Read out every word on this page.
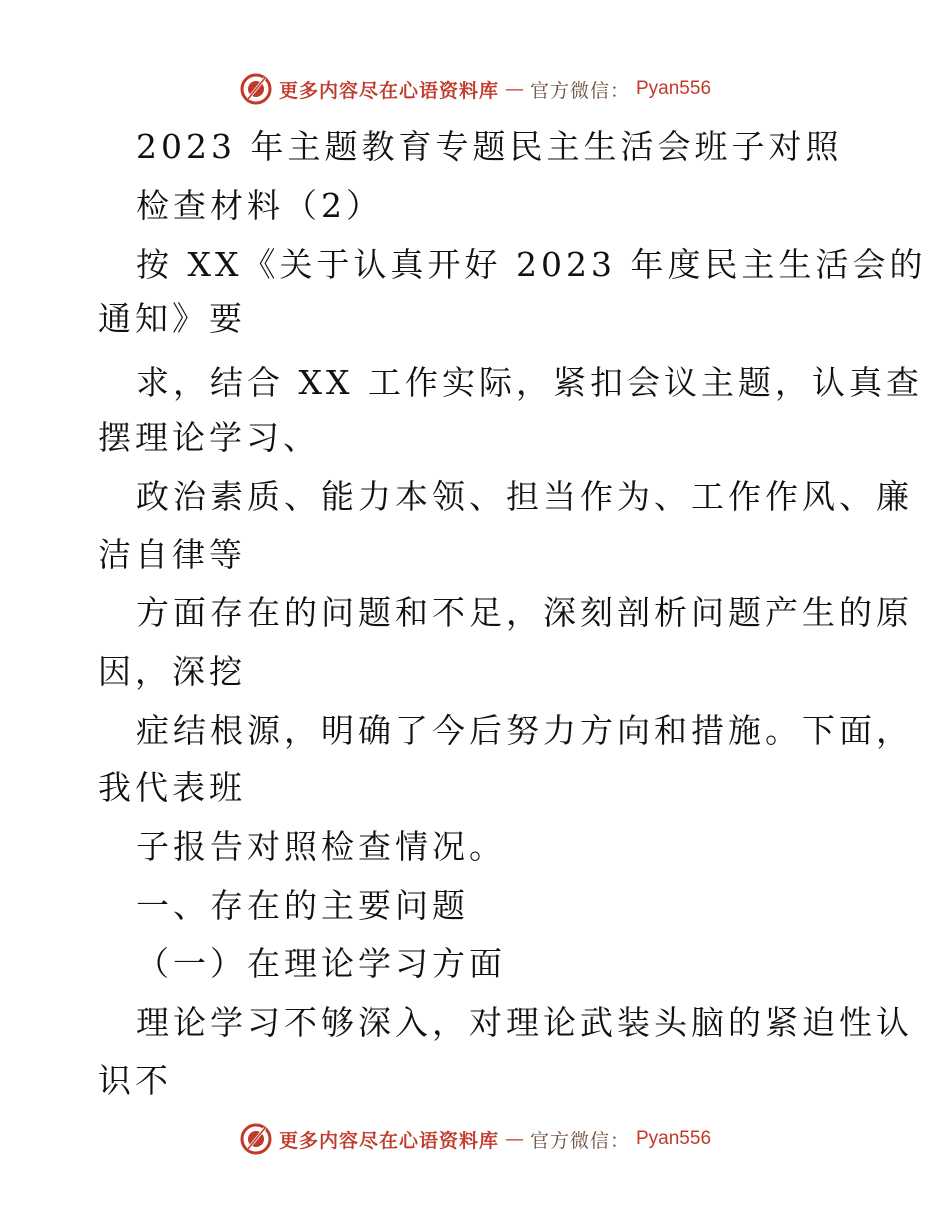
更多内容尽在心语资料库 — 官方微信： Pyan556
2023 年主题教育专题民主生活会班子对照
检查材料（2）
按 XX《关于认真开好 2023 年度民主生活会的
通知》要
求，结合 XX 工作实际，紧扣会议主题，认真查
摆理论学习、
政治素质、能力本领、担当作为、工作作风、廉
洁自律等
方面存在的问题和不足，深刻剖析问题产生的原
因，深挖
症结根源，明确了今后努力方向和措施。下面，
我代表班
子报告对照检查情况。
一、存在的主要问题
（一）在理论学习方面
理论学习不够深入，对理论武装头脑的紧迫性认
识不
更多内容尽在心语资料库 — 官方微信： Pyan556
